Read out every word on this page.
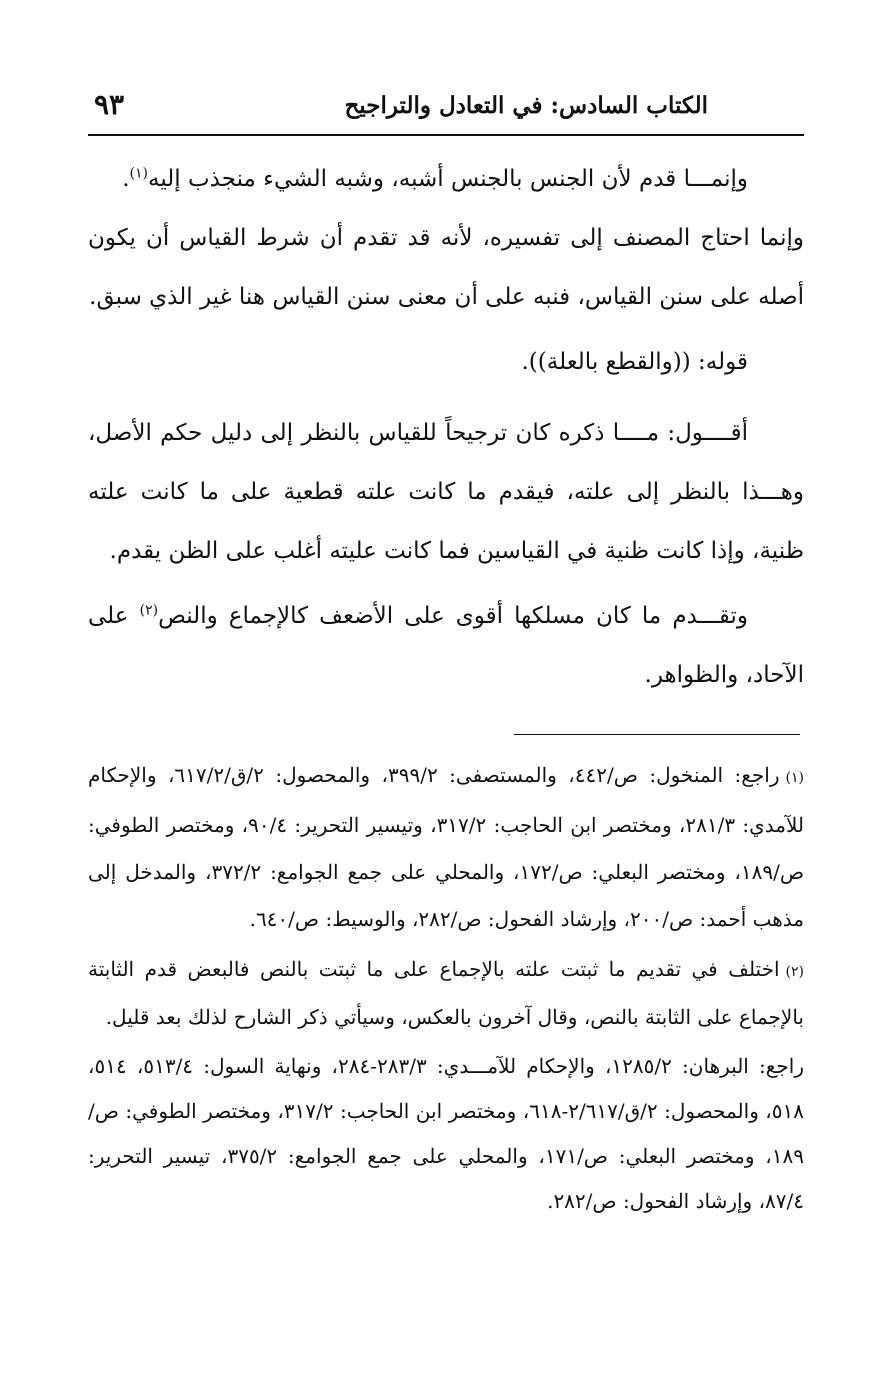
الكتاب السادس: في التعادل والتراجيح
٩٣

وإنمـــا قدم لأن الجنس بالجنس أشبه، وشبه الشيء منجذب إليه$^{(١)}$.

وإنما احتاج المصنف إلى تفسيره، لأنه قد تقدم أن شرط القياس أن يكون أصله على سنن القياس، فنبه على أن معنى سنن القياس هنا غير الذي سبق.

قوله: ((والقطع بالعلة)).

أقــــول: مــــا ذكره كان ترجيحاً للقياس بالنظر إلى دليل حكم الأصل، وهـــذا بالنظر إلى علته، فيقدم ما كانت علته قطعية على ما كانت علته ظنية، وإذا كانت ظنية في القياسين فما كانت عليته أغلب على الظن يقدم.

وتقـــدم ما كان مسلكها أقوى على الأضعف كالإجماع والنص$^{(٢)}$ على الآحاد، والظواهر.

(١)راجع: المنخول: ص/٤٤٢، والمستصفى: ٣٩٩/٢، والمحصول: ٢/ق/٦١٧/٢، والإحكام للآمدي: ٢٨١/٣، ومختصر ابن الحاجب: ٣١٧/٢، وتيسير التحرير: ٩٠/٤، ومختصر الطوفي: ص/١٨٩، ومختصر البعلي: ص/١٧٢، والمحلي على جمع الجوامع: ٣٧٢/٢، والمدخل إلى مذهب أحمد: ص/٢٠٠، وإرشاد الفحول: ص/٢٨٢، والوسيط: ص/٦٤٠.

(٢)اختلف في تقديم ما ثبتت علته بالإجماع على ما ثبتت بالنص فالبعض قدم الثابتة بالإجماع على الثابتة بالنص، وقال آخرون بالعكس، وسيأتي ذكر الشارح لذلك بعد قليل.

راجع: البرهان: ١٢٨٥/٢، والإحكام للآمـــدي: ٢٨٣/٣-٢٨٤، ونهاية السول: ٥١٣/٤، ٥١٤، ٥١٨، والمحصول: ٢/ق/٢/٦١٧-٦١٨، ومختصر ابن الحاجب: ٣١٧/٢، ومختصر الطوفي: ص/١٨٩، ومختصر البعلي: ص/١٧١، والمحلي على جمع الجوامع: ٣٧٥/٢، تيسير التحرير: ٨٧/٤، وإرشاد الفحول: ص/٢٨٢.
